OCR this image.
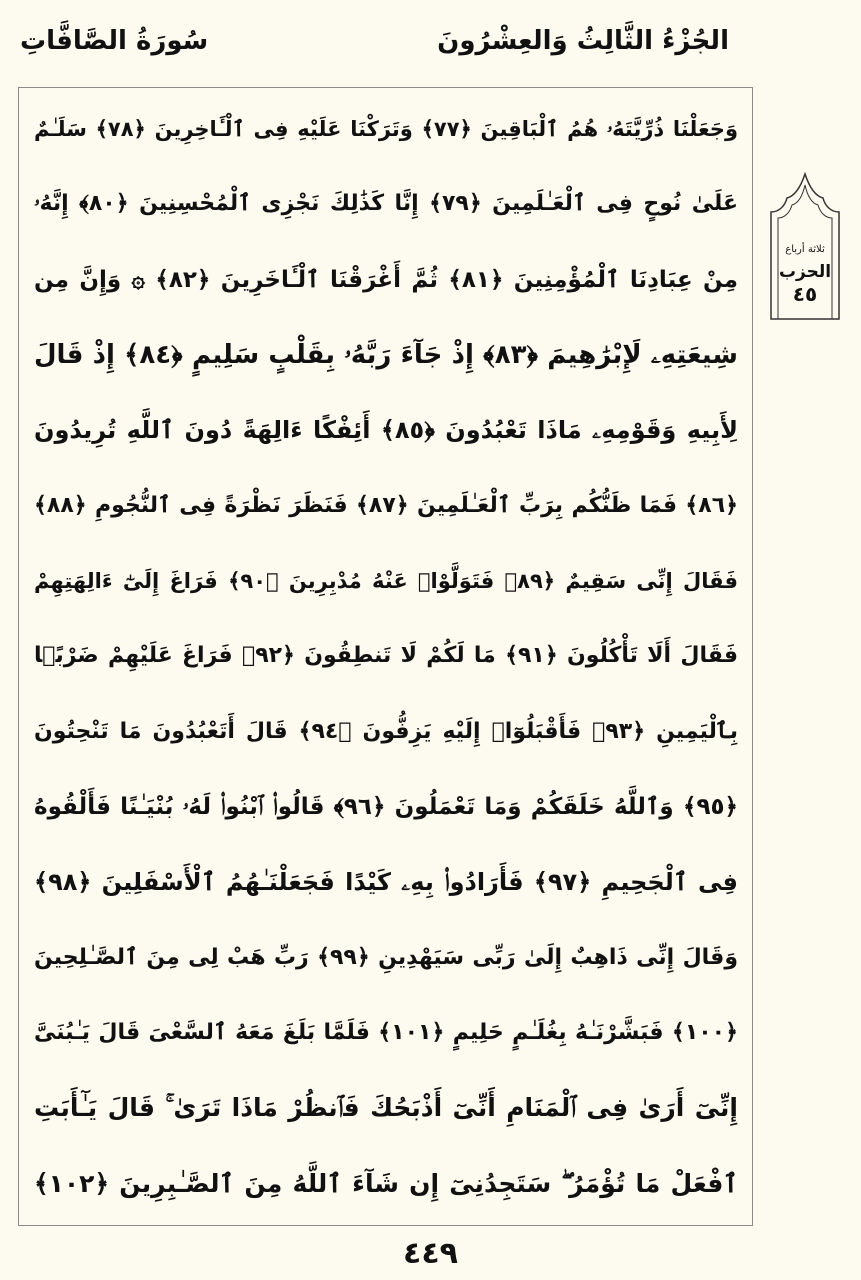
الجُزْءُ الثَّالِثُ وَالعِشْرُونَ
سُورَةُ الصَّافَّاتِ
وَجَعَلْنَا ذُرِّيَّتَهُۥ هُمُ ٱلْبَاقِينَ ﴿٧٧﴾ وَتَرَكْنَا عَلَيْهِ فِى ٱلْـَٔاخِرِينَ ﴿٧٨﴾ سَلَـٰمٌ
عَلَىٰ نُوحٍ فِى ٱلْعَـٰلَمِينَ ﴿٧٩﴾ إِنَّا كَذَٰلِكَ نَجْزِى ٱلْمُحْسِنِينَ ﴿٨٠﴾ إِنَّهُۥ
مِنْ عِبَادِنَا ٱلْمُؤْمِنِينَ ﴿٨١﴾ ثُمَّ أَغْرَقْنَا ٱلْـَٔاخَرِينَ ﴿٨٢﴾ ۞ وَإِنَّ مِن
شِيعَتِهِۦ لَإِبْرَٰهِيمَ ﴿٨٣﴾ إِذْ جَآءَ رَبَّهُۥ بِقَلْبٍ سَلِيمٍ ﴿٨٤﴾ إِذْ قَالَ
لِأَبِيهِ وَقَوْمِهِۦ مَاذَا تَعْبُدُونَ ﴿٨٥﴾ أَئِفْكًا ءَالِهَةً دُونَ ٱللَّهِ تُرِيدُونَ
﴿٨٦﴾ فَمَا ظَنُّكُم بِرَبِّ ٱلْعَـٰلَمِينَ ﴿٨٧﴾ فَنَظَرَ نَظْرَةً فِى ٱلنُّجُومِ ﴿٨٨﴾
فَقَالَ إِنِّى سَقِيمٌ ﴿٨٩﴾ فَتَوَلَّوْا۟ عَنْهُ مُدْبِرِينَ ﴿٩٠﴾ فَرَاغَ إِلَىٰٓ ءَالِهَتِهِمْ
فَقَالَ أَلَا تَأْكُلُونَ ﴿٩١﴾ مَا لَكُمْ لَا تَنطِقُونَ ﴿٩٢﴾ فَرَاغَ عَلَيْهِمْ ضَرْبًۢا
بِٱلْيَمِينِ ﴿٩٣﴾ فَأَقْبَلُوٓا۟ إِلَيْهِ يَزِفُّونَ ﴿٩٤﴾ قَالَ أَتَعْبُدُونَ مَا تَنْحِتُونَ
﴿٩٥﴾ وَٱللَّهُ خَلَقَكُمْ وَمَا تَعْمَلُونَ ﴿٩٦﴾ قَالُوا۟ ٱبْنُوا۟ لَهُۥ بُنْيَـٰنًا فَأَلْقُوهُ
فِى ٱلْجَحِيمِ ﴿٩٧﴾ فَأَرَادُوا۟ بِهِۦ كَيْدًا فَجَعَلْنَـٰهُمُ ٱلْأَسْفَلِينَ ﴿٩٨﴾
وَقَالَ إِنِّى ذَاهِبٌ إِلَىٰ رَبِّى سَيَهْدِينِ ﴿٩٩﴾ رَبِّ هَبْ لِى مِنَ ٱلصَّـٰلِحِينَ
﴿١٠٠﴾ فَبَشَّرْنَـٰهُ بِغُلَـٰمٍ حَلِيمٍ ﴿١٠١﴾ فَلَمَّا بَلَغَ مَعَهُ ٱلسَّعْىَ قَالَ يَـٰبُنَىَّ
إِنِّىٓ أَرَىٰ فِى ٱلْمَنَامِ أَنِّىٓ أَذْبَحُكَ فَٱنظُرْ مَاذَا تَرَىٰ ۚ قَالَ يَـٰٓأَبَتِ
ٱفْعَلْ مَا تُؤْمَرُ ۖ سَتَجِدُنِىٓ إِن شَآءَ ٱللَّهُ مِنَ ٱلصَّـٰبِرِينَ ﴿١٠٢﴾
ثلاثة أرباع
الحزب
٤٥
٤٤٩
